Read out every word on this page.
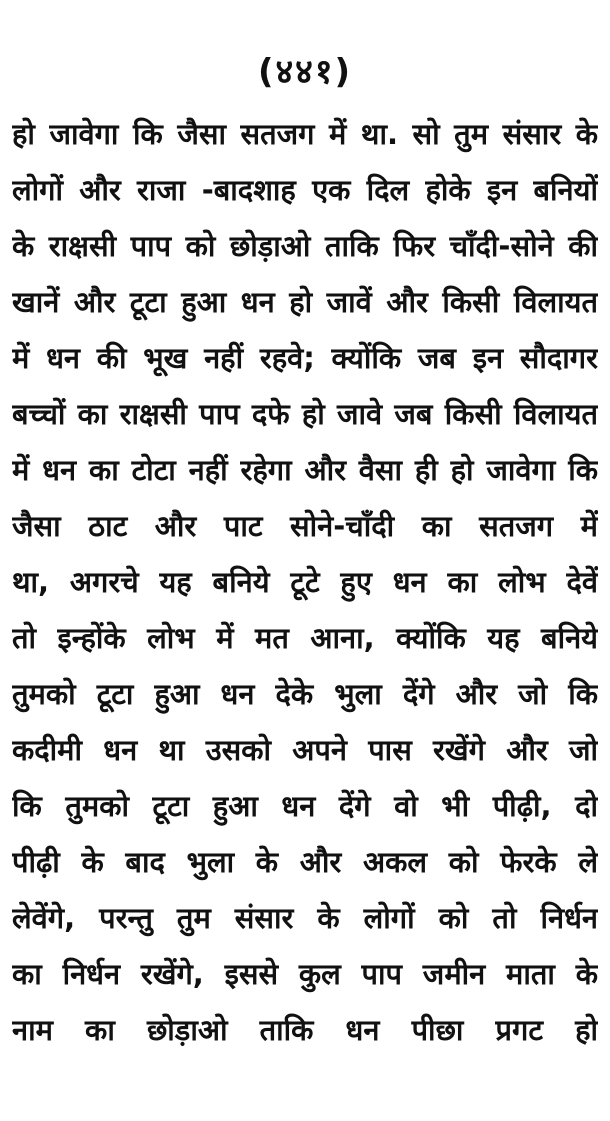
(४४१)
हो जावेगा कि जैसा सतजग में था. सो तुम संसार के
लोगों और राजा -बादशाह एक दिल होके इन बनियों
के राक्षसी पाप को छोड़ाओ ताकि फिर चाँदी-सोने की
खानें और टूटा हुआ धन हो जावें और किसी विलायत
में धन की भूख नहीं रहवे; क्योंकि जब इन सौदागर
बच्चों का राक्षसी पाप दफे हो जावे जब किसी विलायत
में धन का टोटा नहीं रहेगा और वैसा ही हो जावेगा कि
जैसा ठाट और पाट सोने-चाँदी का सतजग में
था, अगरचे यह बनिये टूटे हुए धन का लोभ देवें
तो इन्होंके लोभ में मत आना, क्योंकि यह बनिये
तुमको टूटा हुआ धन देके भुला देंगे और जो कि
कदीमी धन था उसको अपने पास रखेंगे और जो
कि तुमको टूटा हुआ धन देंगे वो भी पीढ़ी, दो
पीढ़ी के बाद भुला के और अकल को फेरके ले
लेवेंगे, परन्तु तुम संसार के लोगों को तो निर्धन
का निर्धन रखेंगे, इससे कुल पाप जमीन माता के
नाम का छोड़ाओ ताकि धन पीछा प्रगट हो
